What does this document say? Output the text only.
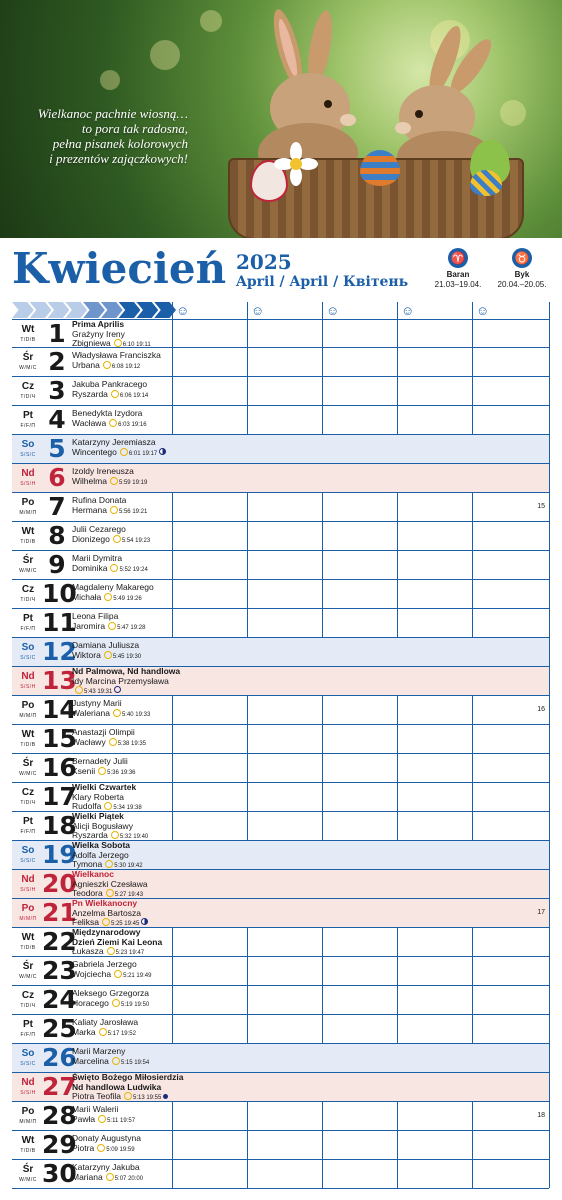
Wielkanoc pachnie wiosną…
to pora tak radosna,
pełna pisanek kolorowych
i prezentów zajączkowych!
Kwiecień 2025
April / April / Квітень
♈
Baran
21.03–19.04.
♉
Byk
20.04.–20.05.
☺	☺	☺	☺	☺
Wt
T/D/В 1 Prima Aprilis
Grażyny Ireny
Zbigniewa 6:10 19:11
Śr
W/M/С 2 Władysława Franciszka
Urbana 6:08 19:12
Cz
T/D/Ч 3 Jakuba Pankracego
Ryszarda 6:06 19:14
Pt
F/F/П 4 Benedykta Izydora
Wacława 6:03 19:16
So
S/S/С 5 Katarzyny Jeremiasza
Wincentego 6:01 19:17
Nd
S/S/Н 6 Izoldy Ireneusza
Wilhelma 5:59 19:19
Po
M/M/П 7 Rufina Donata
Hermana 5:56 19:21
15
Wt
T/D/В 8 Julii Cezarego
Dionizego 5:54 19:23
Śr
W/M/С 9 Marii Dymitra
Dominika 5:52 19:24
Cz
T/D/Ч 10
Magdaleny Makarego
Michała 5:49 19:26
Pt
F/F/П 11
Leona Filipa
Jaromira 5:47 19:28
So
S/S/С 12
Damiana Juliusza
Wiktora 5:45 19:30
Nd
S/S/Н 13
Nd Palmowa, Nd handlowa
Idy Marcina Przemysława
5:43 19:31
Po
M/M/П 14
Justyny Marii
Waleriana 5:40 19:33
16
Wt
T/D/В 15
Anastazji Olimpii
Wacławy 5:38 19:35
Śr
W/M/С 16
Bernadety Julii
Ksenii 5:36 19:36
Cz
T/D/Ч 17
Wielki Czwartek
Klary Roberta
Rudolfa 5:34 19:38
Pt
F/F/П 18
Wielki Piątek
Alicji Bogusławy
Ryszarda 5:32 19:40
So
S/S/С 19
Wielka Sobota
Adolfa Jerzego
Tymona 5:30 19:42
Nd
S/S/Н 20
Wielkanoc
Agnieszki Czesława
Teodora 5:27 19:43
Po
M/M/П 21
Pn Wielkanocny
Anzelma Bartosza
Feliksa 5:25 19:45
17
Wt
T/D/В 22
Międzynarodowy
Dzień Ziemi Kai Leona
Łukasza 5:23 19:47
Śr
W/M/С 23
Gabriela Jerzego
Wojciecha 5:21 19:49
Cz
T/D/Ч 24
Aleksego Grzegorza
Horacego 5:19 19:50
Pt
F/F/П 25
Kaliaty Jarosława
Marka 5:17 19:52
So
S/S/С 26
Marii Marzeny
Marcelina 5:15 19:54
Nd
S/S/Н 27
Święto Bożego Miłosierdzia
Nd handlowa Ludwika
Piotra Teofila 5:13 19:55
Po
M/M/П 28
Marii Walerii
Pawła 5:11 19:57
18
Wt
T/D/В 29
Donaty Augustyna
Piotra 5:09 19:59
Śr
W/M/С 30
Katarzyny Jakuba
Mariana 5:07 20:00
